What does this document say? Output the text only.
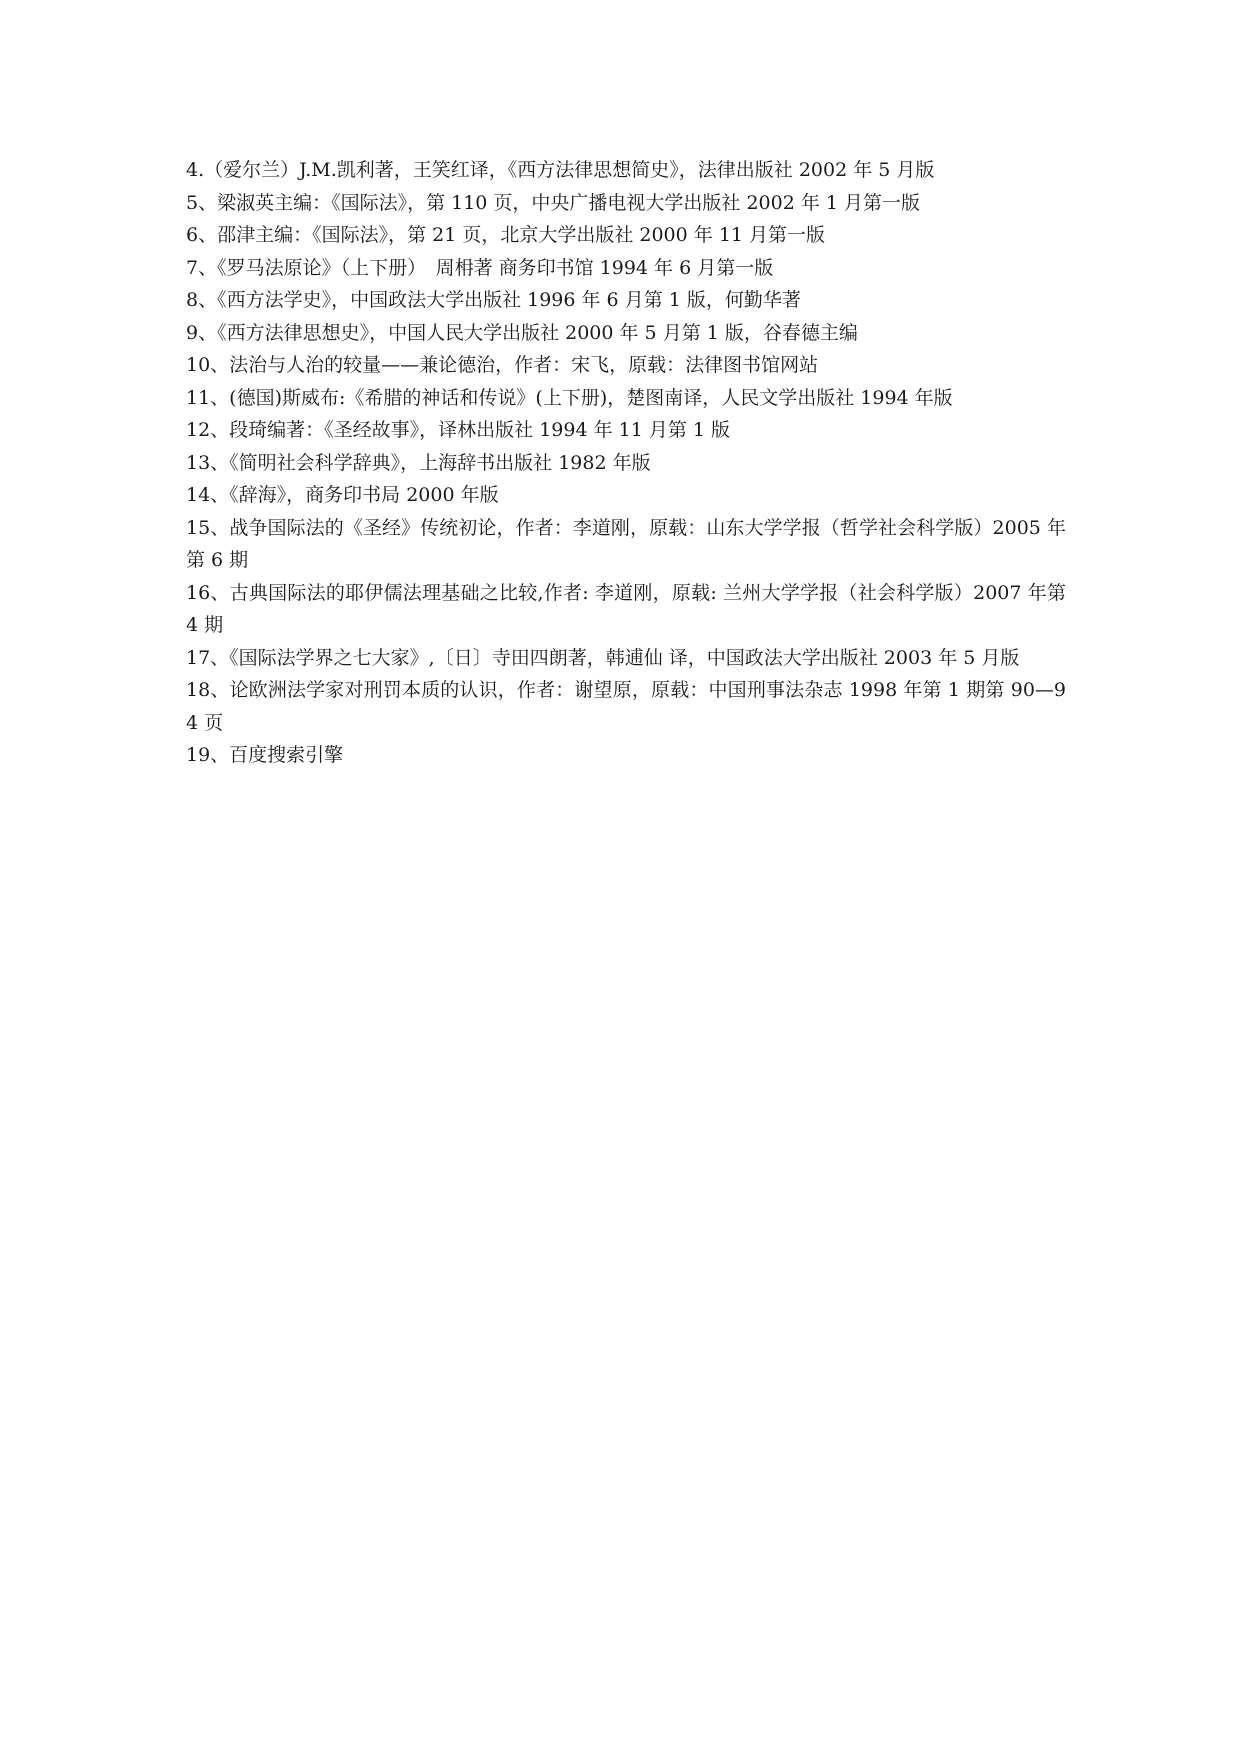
4.（爱尔兰）J.M.凯利著，王笑红译，《西方法律思想简史》，法律出版社 2002 年 5 月版
5、梁淑英主编：《国际法》，第 110 页，中央广播电视大学出版社 2002 年 1 月第一版
6、邵津主编：《国际法》，第 21 页，北京大学出版社 2000 年 11 月第一版
7、《罗马法原论》（上下册）　周枏著 商务印书馆 1994 年 6 月第一版
8、《西方法学史》，中国政法大学出版社 1996 年 6 月第 1 版，何勤华著
9、《西方法律思想史》，中国人民大学出版社 2000 年 5 月第 1 版，谷春德主编
10、法治与人治的较量——兼论德治，作者：宋飞，原载：法律图书馆网站
11、(德国)斯威布:《希腊的神话和传说》(上下册)，楚图南译，人民文学出版社 1994 年版
12、段琦编著：《圣经故事》，译林出版社 1994 年 11 月第 1 版
13、《简明社会科学辞典》，上海辞书出版社 1982 年版
14、《辞海》，商务印书局 2000 年版
15、战争国际法的《圣经》传统初论，作者：李道刚，原载：山东大学学报（哲学社会科学版）2005 年第 6 期
16、古典国际法的耶伊儒法理基础之比较,作者: 李道刚，原载: 兰州大学学报（社会科学版）2007 年第 4 期
17、《国际法学界之七大家》,〔日〕寺田四朗著，韩逋仙 译，中国政法大学出版社 2003 年 5 月版
18、论欧洲法学家对刑罚本质的认识，作者：谢望原，原载：中国刑事法杂志 1998 年第 1 期第 90—94 页
19、百度搜索引擎
